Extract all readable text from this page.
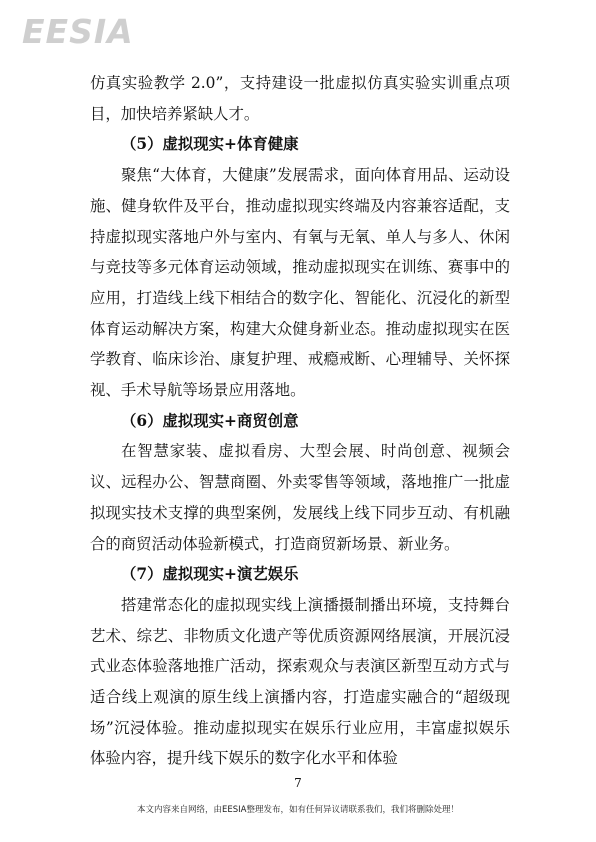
EESIA

仿真实验教学 2.0”，支持建设一批虚拟仿真实验实训重点项目，加快培养紧缺人才。

（5）虚拟现实+体育健康

聚焦“大体育，大健康”发展需求，面向体育用品、运动设施、健身软件及平台，推动虚拟现实终端及内容兼容适配，支持虚拟现实落地户外与室内、有氧与无氧、单人与多人、休闲与竞技等多元体育运动领域，推动虚拟现实在训练、赛事中的应用，打造线上线下相结合的数字化、智能化、沉浸化的新型体育运动解决方案，构建大众健身新业态。推动虚拟现实在医学教育、临床诊治、康复护理、戒瘾戒断、心理辅导、关怀探视、手术导航等场景应用落地。

（6）虚拟现实+商贸创意

在智慧家装、虚拟看房、大型会展、时尚创意、视频会议、远程办公、智慧商圈、外卖零售等领域，落地推广一批虚拟现实技术支撑的典型案例，发展线上线下同步互动、有机融合的商贸活动体验新模式，打造商贸新场景、新业务。

（7）虚拟现实+演艺娱乐

搭建常态化的虚拟现实线上演播摄制播出环境，支持舞台艺术、综艺、非物质文化遗产等优质资源网络展演，开展沉浸式业态体验落地推广活动，探索观众与表演区新型互动方式与适合线上观演的原生线上演播内容，打造虚实融合的“超级现场”沉浸体验。推动虚拟现实在娱乐行业应用，丰富虚拟娱乐体验内容，提升线下娱乐的数字化水平和体验

7
本文内容来自网络，由EESIA整理发布，如有任何异议请联系我们，我们将删除处理！
